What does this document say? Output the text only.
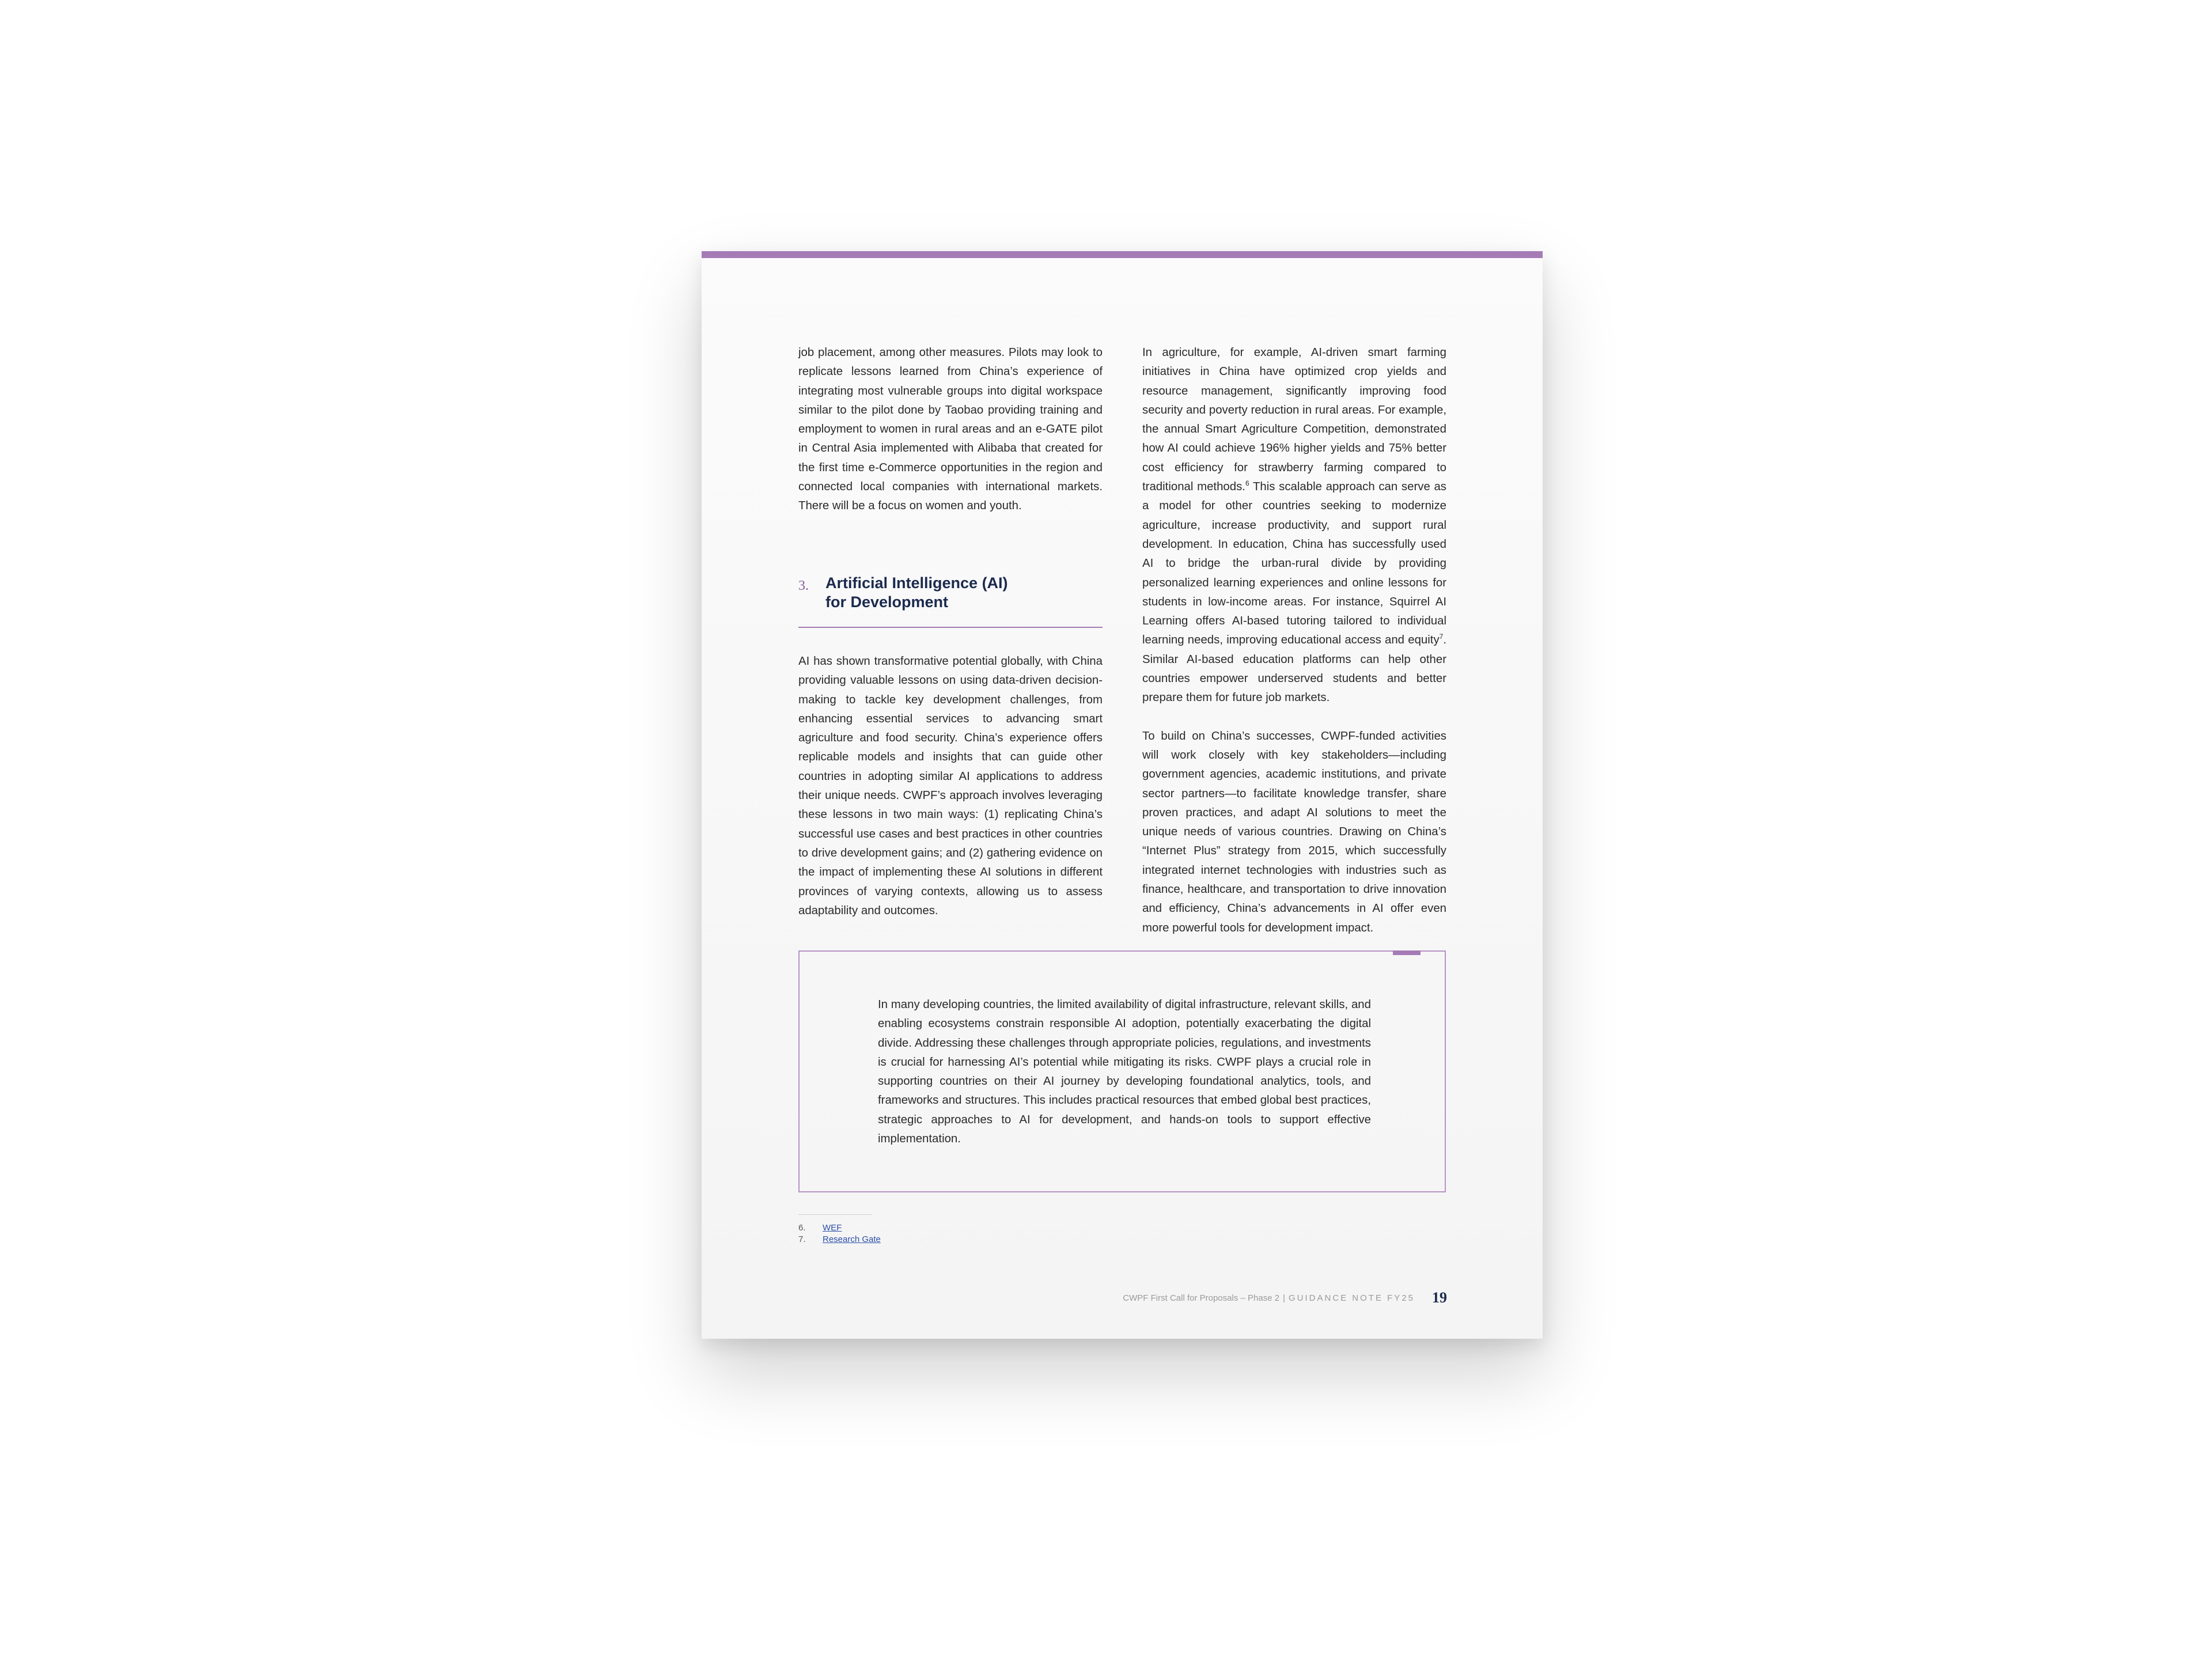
job placement, among other measures. Pilots may look to replicate lessons learned from China’s experience of integrating most vulnerable groups into digital workspace similar to the pilot done by Taobao providing training and employment to women in rural areas and an e-GATE pilot in Central Asia implemented with Alibaba that created for the first time e-Commerce opportunities in the region and connected local companies with international markets. There will be a focus on women and youth.

3. Artificial Intelligence (AI)
for Development

AI has shown transformative potential globally, with China providing valuable lessons on using data-driven decision-making to tackle key development challenges, from enhancing essential services to advancing smart agriculture and food security. China’s experience offers replicable models and insights that can guide other countries in adopting similar AI applications to address their unique needs. CWPF’s approach involves leveraging these lessons in two main ways: (1) replicating China’s successful use cases and best practices in other countries to drive development gains; and (2) gathering evidence on the impact of implementing these AI solutions in different provinces of varying contexts, allowing us to assess adaptability and outcomes.

In agriculture, for example, AI-driven smart farming initiatives in China have optimized crop yields and resource management, significantly improving food security and poverty reduction in rural areas. For example, the annual Smart Agriculture Competition, demonstrated how AI could achieve 196% higher yields and 75% better cost efficiency for strawberry farming compared to traditional methods.$^6$ This scalable approach can serve as a model for other countries seeking to modernize agriculture, increase productivity, and support rural development. In education, China has successfully used AI to bridge the urban-rural divide by providing personalized learning experiences and online lessons for students in low-income areas. For instance, Squirrel AI Learning offers AI-based tutoring tailored to individual learning needs, improving educational access and equity$^7$. Similar AI-based education platforms can help other countries empower underserved students and better prepare them for future job markets.

To build on China’s successes, CWPF-funded activities will work closely with key stakeholders—including government agencies, academic institutions, and private sector partners—to facilitate knowledge transfer, share proven practices, and adapt AI solutions to meet the unique needs of various countries. Drawing on China’s “Internet Plus” strategy from 2015, which successfully integrated internet technologies with industries such as finance, healthcare, and transportation to drive innovation and efficiency, China’s advancements in AI offer even more powerful tools for development impact.

In many developing countries, the limited availability of digital infrastructure, relevant skills, and enabling ecosystems constrain responsible AI adoption, potentially exacerbating the digital divide. Addressing these challenges through appropriate policies, regulations, and investments is crucial for harnessing AI’s potential while mitigating its risks. CWPF plays a crucial role in supporting countries on their AI journey by developing foundational analytics, tools, and frameworks and structures. This includes practical resources that embed global best practices, strategic approaches to AI for development, and hands-on tools to support effective implementation.
6. WEF
7. Research Gate
CWPF First Call for Proposals – Phase 2 | GUIDANCE NOTE FY25 19
